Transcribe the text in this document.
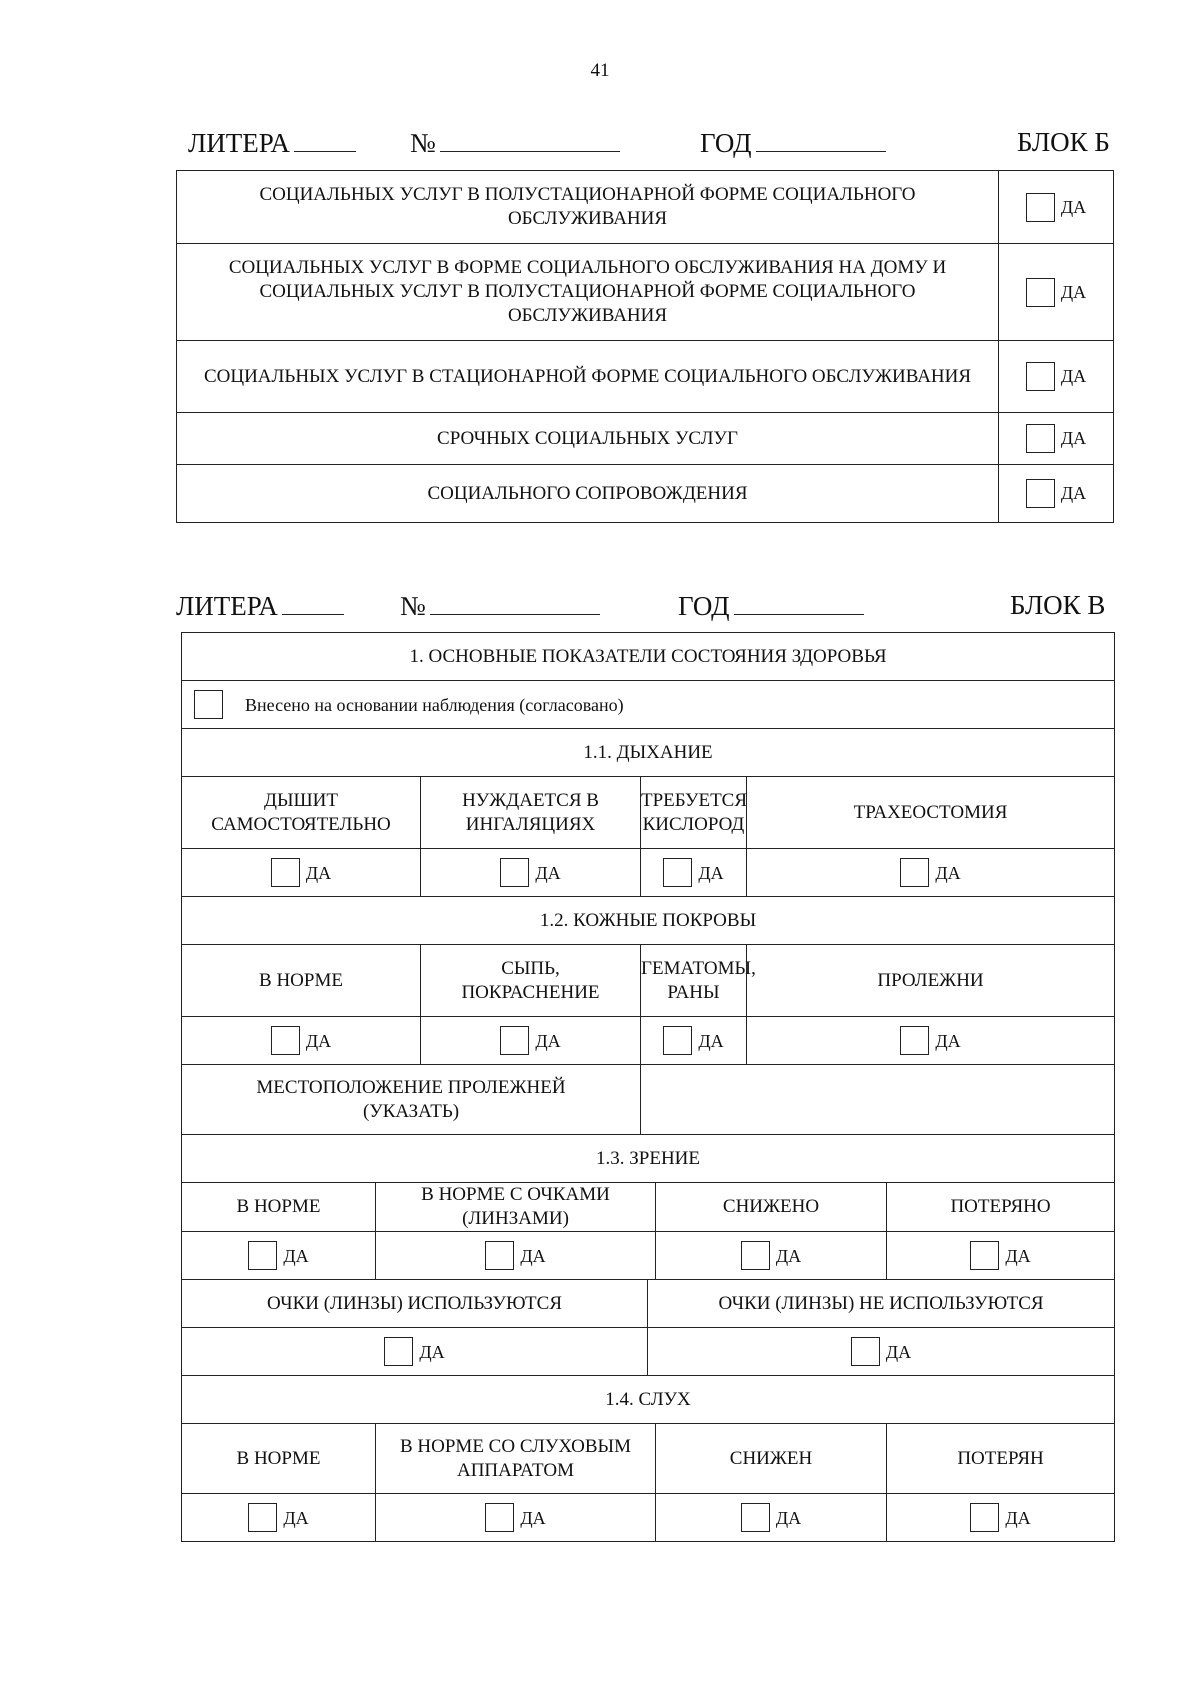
41
ЛИТЕРА	№	ГОД	БЛОК Б
СОЦИАЛЬНЫХ УСЛУГ В ПОЛУСТАЦИОНАРНОЙ ФОРМЕ СОЦИАЛЬНОГО ОБСЛУЖИВАНИЯ	ДА
СОЦИАЛЬНЫХ УСЛУГ В ФОРМЕ СОЦИАЛЬНОГО ОБСЛУЖИВАНИЯ НА ДОМУ И СОЦИАЛЬНЫХ УСЛУГ В ПОЛУСТАЦИОНАРНОЙ ФОРМЕ СОЦИАЛЬНОГО ОБСЛУЖИВАНИЯ	ДА
СОЦИАЛЬНЫХ УСЛУГ В СТАЦИОНАРНОЙ ФОРМЕ СОЦИАЛЬНОГО ОБСЛУЖИВАНИЯ	ДА
СРОЧНЫХ СОЦИАЛЬНЫХ УСЛУГ	ДА
СОЦИАЛЬНОГО СОПРОВОЖДЕНИЯ	ДА
ЛИТЕРА	№	ГОД	БЛОК В
1. ОСНОВНЫЕ ПОКАЗАТЕЛИ СОСТОЯНИЯ ЗДОРОВЬЯ							
Внесено на основании наблюдения (согласовано)							
1.1. ДЫХАНИЕ							
ДЫШИТ САМОСТОЯТЕЛЬНО		НУЖДАЕТСЯ В ИНГАЛЯЦИЯХ	ТРЕБУЕТСЯ КИСЛОРОД			ТРАХЕОСТОМИЯ	
ДА		ДА	ДА			ДА	
1.2. КОЖНЫЕ ПОКРОВЫ							
В НОРМЕ		СЫПЬ, ПОКРАСНЕНИЕ	ГЕМАТОМЫ, РАНЫ			ПРОЛЕЖНИ	
ДА		ДА	ДА			ДА	

МЕСТОПОЛОЖЕНИЕ ПРОЛЕЖНЕЙ (УКАЗАТЬ)							

1.3. ЗРЕНИЕ							
В НОРМЕ	В НОРМЕ С ОЧКАМИ (ЛИНЗАМИ)				СНИЖЕНО		ПОТЕРЯНО
ДА	ДА				ДА		ДА
ОЧКИ (ЛИНЗЫ) ИСПОЛЬЗУЮТСЯ				ОЧКИ (ЛИНЗЫ) НЕ ИСПОЛЬЗУЮТСЯ			
ДА				ДА			
1.4. СЛУХ							
В НОРМЕ	В НОРМЕ СО СЛУХОВЫМ АППАРАТОМ				СНИЖЕН		ПОТЕРЯН
ДА	ДА				ДА		ДА
